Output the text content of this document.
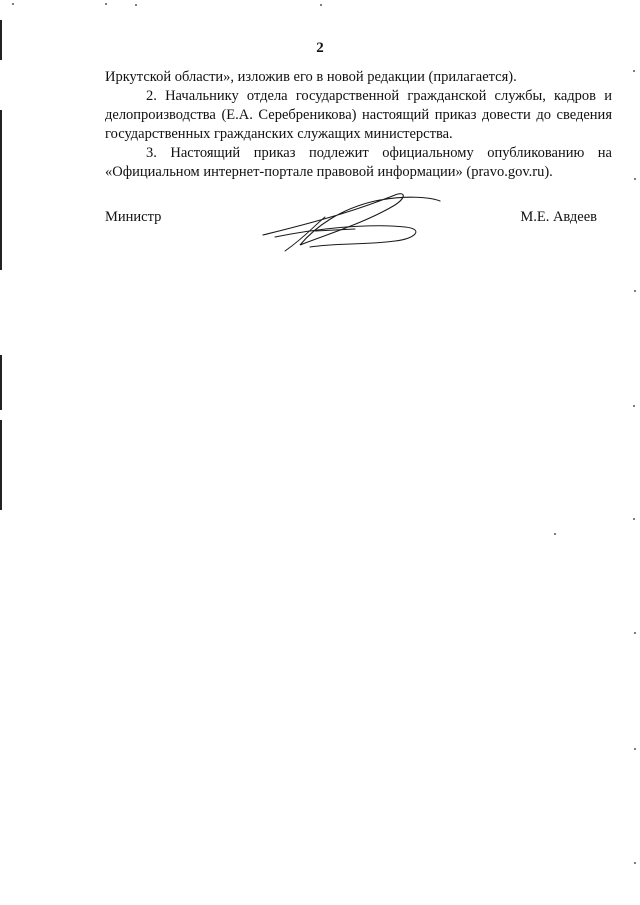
2

Иркутской области», изложив его в новой редакции (прилагается).

2. Начальнику отдела государственной гражданской службы, кадров и делопроизводства (Е.А. Серебреникова) настоящий приказ довести до сведения государственных гражданских служащих министерства.

3. Настоящий приказ подлежит официальному опубликованию на «Официальном интернет-портале правовой информации» (pravo.gov.ru).

Министр	М.Е. Авдеев
